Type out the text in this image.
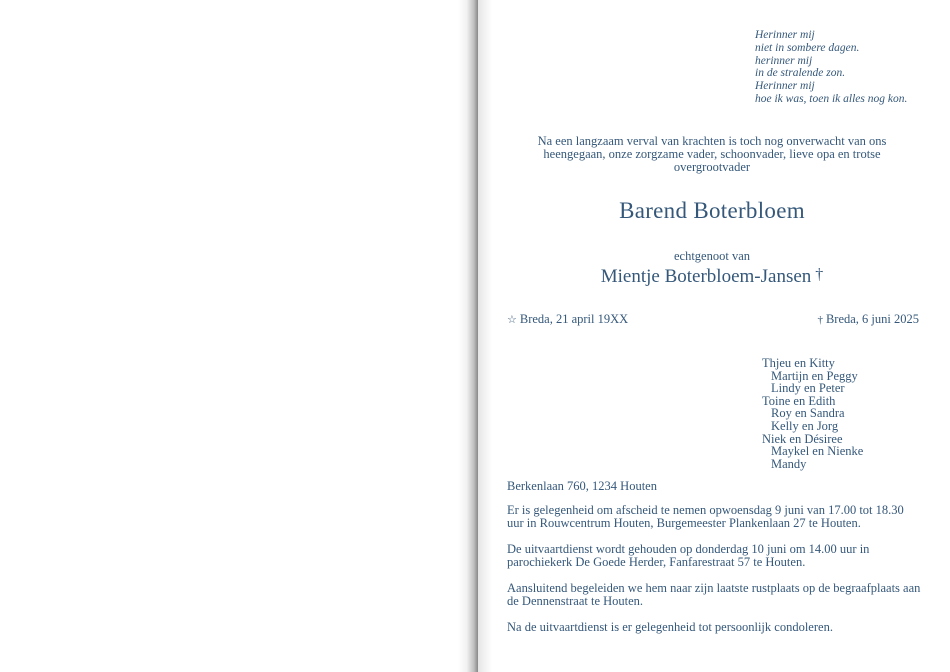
Herinner mij
niet in sombere dagen.
herinner mij
in de stralende zon.
Herinner mij
hoe ik was, toen ik alles nog kon.
Na een langzaam verval van krachten is toch nog onverwacht van ons heengegaan, onze zorgzame vader, schoonvader, lieve opa en trotse overgrootvader
Barend Boterbloem
echtgenoot van
Mientje Boterbloem-Jansen †
☆ Breda, 21 april 19XX	† Breda, 6 juni 2025
Thjeu en Kitty
Martijn en Peggy
Lindy en Peter
Toine en Edith
Roy en Sandra
Kelly en Jorg
Niek en Désiree
Maykel en Nienke
Mandy
Berkenlaan 760, 1234 Houten

Er is gelegenheid om afscheid te nemen opwoensdag 9 juni van 17.00 tot 18.30 uur in Rouwcentrum Houten, Burgemeester Plankenlaan 27 te Houten.

De uitvaartdienst wordt gehouden op donderdag 10 juni om 14.00 uur in parochiekerk De Goede Herder, Fanfarestraat 57 te Houten.

Aansluitend begeleiden we hem naar zijn laatste rustplaats op de begraafplaats aan de Dennenstraat te Houten.

Na de uitvaartdienst is er gelegenheid tot persoonlijk condoleren.
